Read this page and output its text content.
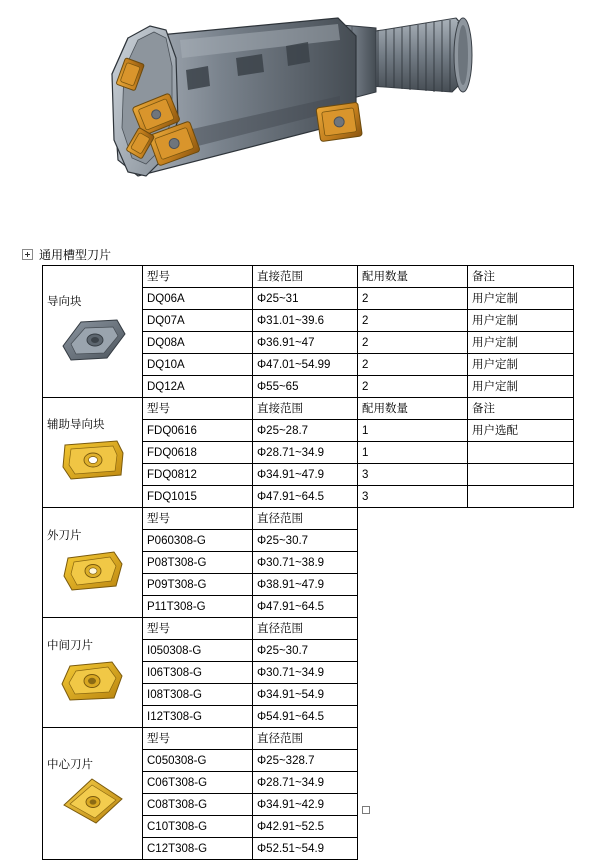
通用槽型刀片
导向块	型号	直接范围	配用数量	备注
	DQ06A	Φ25~31	2	用户定制
	DQ07A	Φ31.01~39.6	2	用户定制
	DQ08A	Φ36.91~47	2	用户定制
	DQ10A	Φ47.01~54.99	2	用户定制
	DQ12A	Φ55~65	2	用户定制

辅助导向块	型号	直接范围	配用数量	备注
	FDQ0616	Φ25~28.7	1	用户选配
	FDQ0618	Φ28.71~34.9	1	
	FDQ0812	Φ34.91~47.9	3	
	FDQ1015	Φ47.91~64.5	3	

外刀片	型号	直径范围		
	P060308-G	Φ25~30.7		
	P08T308-G	Φ30.71~38.9		
	P09T308-G	Φ38.91~47.9		
	P11T308-G	Φ47.91~64.5		

中间刀片	型号	直径范围		
	I050308-G	Φ25~30.7		
	I06T308-G	Φ30.71~34.9		
	I08T308-G	Φ34.91~54.9		
	I12T308-G	Φ54.91~64.5		

中心刀片	型号	直径范围		
	C050308-G	Φ25~328.7		
	C06T308-G	Φ28.71~34.9		
	C08T308-G	Φ34.91~42.9		
	C10T308-G	Φ42.91~52.5		
	C12T308-G	Φ52.51~54.9		
